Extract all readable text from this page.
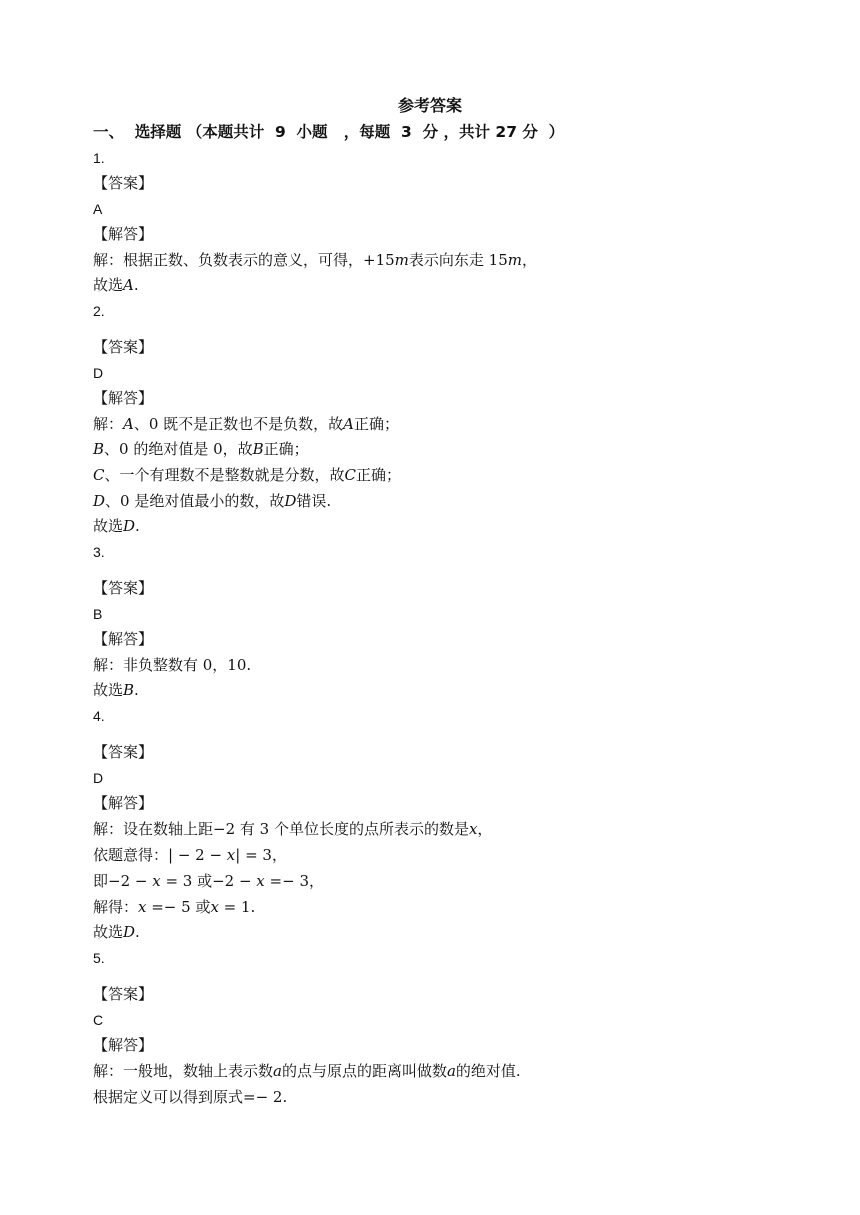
参考答案
一、  选择题 （本题共计  9  小题   ，每题  3  分 ，共计 27 分  ）
1.
【答案】
A
【解答】
解：根据正数、负数表示的意义，可得，+15𝑚表示向东走 15𝑚，
故选𝐴.
2.
【答案】
D
【解答】
解：𝐴、0 既不是正数也不是负数，故𝐴正确；
𝐵、0 的绝对值是 0，故𝐵正确；
𝐶、一个有理数不是整数就是分数，故𝐶正确；
𝐷、0 是绝对值最小的数，故𝐷错误.
故选𝐷.
3.
【答案】
B
【解答】
解：非负整数有 0，10.
故选𝐵.
4.
【答案】
D
【解答】
解：设在数轴上距−2 有 3 个单位长度的点所表示的数是𝑥，
依题意得：| − 2 − 𝑥| = 3，
即−2 − 𝑥 = 3 或−2 − 𝑥 =− 3，
解得：𝑥 =− 5 或𝑥 = 1.
故选𝐷.
5.
【答案】
C
【解答】
解：一般地，数轴上表示数𝑎的点与原点的距离叫做数𝑎的绝对值.
根据定义可以得到原式=− 2.
